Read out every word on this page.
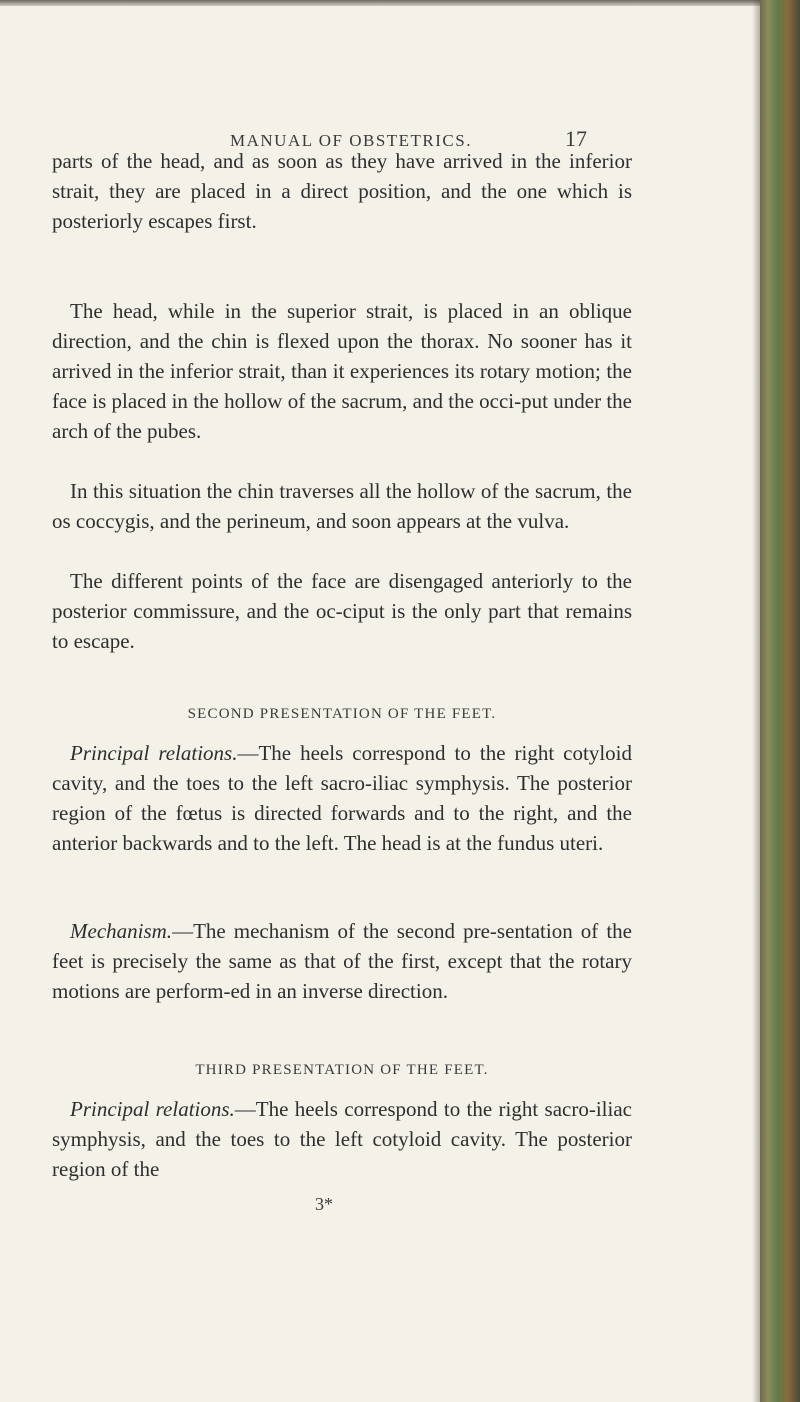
MANUAL OF OBSTETRICS.	17

parts of the head, and as soon as they have arrived in the inferior strait, they are placed in a direct position, and the one which is posteriorly escapes first.

The head, while in the superior strait, is placed in an oblique direction, and the chin is flexed upon the thorax. No sooner has it arrived in the inferior strait, than it experiences its rotary motion; the face is placed in the hollow of the sacrum, and the occi-put under the arch of the pubes.

In this situation the chin traverses all the hollow of the sacrum, the os coccygis, and the perineum, and soon appears at the vulva.

The different points of the face are disengaged anteriorly to the posterior commissure, and the oc-ciput is the only part that remains to escape.

SECOND PRESENTATION OF THE FEET.

Principal relations.—The heels correspond to the right cotyloid cavity, and the toes to the left sacro-iliac symphysis. The posterior region of the fœtus is directed forwards and to the right, and the anterior backwards and to the left. The head is at the fundus uteri.

Mechanism.—The mechanism of the second pre-sentation of the feet is precisely the same as that of the first, except that the rotary motions are perform-ed in an inverse direction.

THIRD PRESENTATION OF THE FEET.

Principal relations.—The heels correspond to the right sacro-iliac symphysis, and the toes to the left cotyloid cavity. The posterior region of the

3*
